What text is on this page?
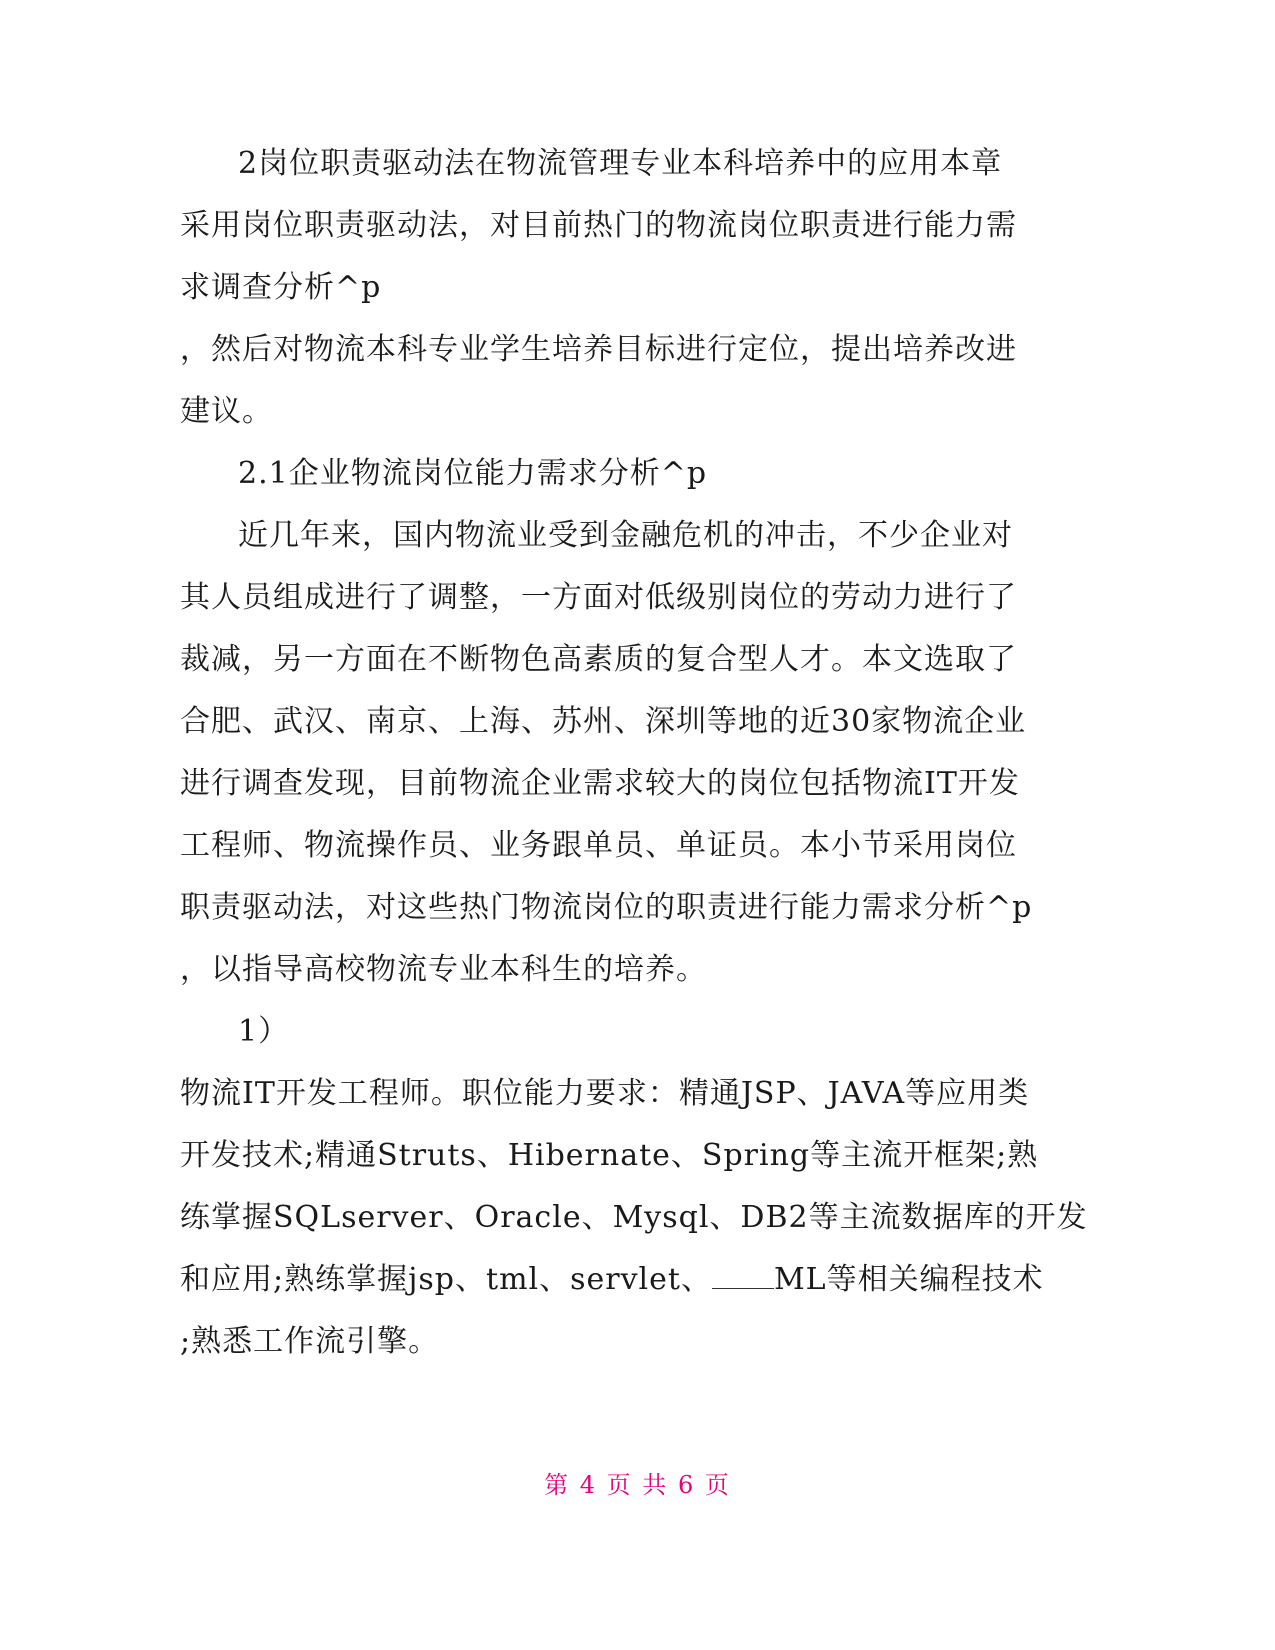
2岗位职责驱动法在物流管理专业本科培养中的应用本章
采用岗位职责驱动法，对目前热门的物流岗位职责进行能力需
求调查分析^p
，然后对物流本科专业学生培养目标进行定位，提出培养改进
建议。
2.1企业物流岗位能力需求分析^p
近几年来，国内物流业受到金融危机的冲击，不少企业对
其人员组成进行了调整，一方面对低级别岗位的劳动力进行了
裁减，另一方面在不断物色高素质的复合型人才。本文选取了
合肥、武汉、南京、上海、苏州、深圳等地的近30家物流企业
进行调查发现，目前物流企业需求较大的岗位包括物流IT开发
工程师、物流操作员、业务跟单员、单证员。本小节采用岗位
职责驱动法，对这些热门物流岗位的职责进行能力需求分析^p
，以指导高校物流专业本科生的培养。
1）
物流IT开发工程师。职位能力要求：精通JSP、JAVA等应用类
开发技术;精通Struts、Hibernate、Spring等主流开框架;熟
练掌握SQLserver、Oracle、Mysql、DB2等主流数据库的开发
和应用;熟练掌握jsp、tml、servlet、 ML等相关编程技术
;熟悉工作流引擎。
第 4 页 共 6 页
